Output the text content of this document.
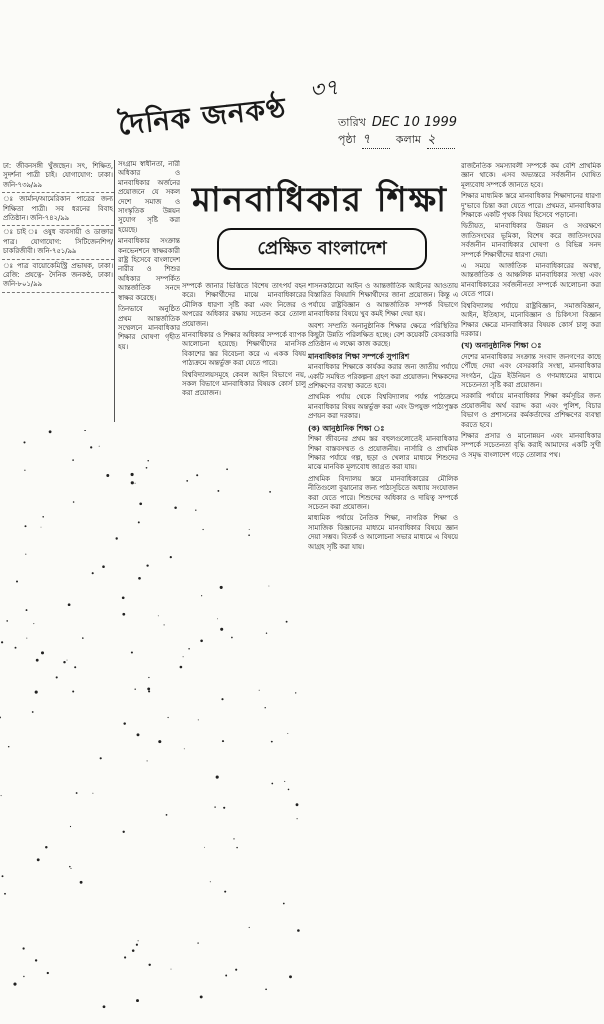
৩৭
দৈনিক জনকণ্ঠ	তারিখ DEC 10 1999
পৃষ্ঠা ৭	কলাম ২
ঢা: জীবনসঙ্গী খুঁজছেন। সৎ, শিক্ষিত, সুদর্শনা পাত্রী চাই। যোগাযোগ: ঢাকা। জনি-৭৩৯/৯৯
ঃ জার্মান/আমেরিকান পাত্রের জন্য শিক্ষিতা পাত্রী। সব ধরনের বিবাহ প্রতিষ্ঠান। জনি-৭৪২/৯৯
ঃ চাই ঃ ওষুধ ব্যবসায়ী ও ডাক্তার পাত্র। যোগাযোগ: সিটিজেনশিপ/চাকরিজীবী। জনি-৭৫১/৯৯
ঃ পাত্র বায়োকেমিস্ট্রি প্রভাষক, ঢাকা। রেজি: প্রযত্নে- দৈনিক জনকণ্ঠ, ঢাকা। জনি-৮০১/৯৯

সংগ্রাম স্বাধীনতা, নারী অধিকার ও মানবাধিকার অর্জনের প্রয়োজনে যে সকল দেশে সমাজ ও সাংস্কৃতিক উন্নয়ন সুযোগ সৃষ্টি করা হয়েছে।

মানবাধিকার সংক্রান্ত কনভেনশনে স্বাক্ষরকারী রাষ্ট্র হিসেবে বাংলাদেশ নারীর ও শিশুর অধিকার সম্পর্কিত আন্তর্জাতিক সনদে স্বাক্ষর করেছে।

তিনভাবে অনুষ্ঠিত প্রথম আন্তর্জাতিক সম্মেলনে মানবাধিকার শিক্ষার ঘোষণা গৃহীত হয়।

মানবাধিকার শিক্ষা
প্রেক্ষিত বাংলাদেশ

সম্পর্কে জানার ভিত্তিতে বিশেষ তাৎপর্য বহন করে। শিক্ষার্থীদের মাঝে মানবাধিকারের মৌলিক ধারণা সৃষ্টি করা এবং নিজের ও অপরের অধিকার রক্ষায় সচেতন করে তোলা প্রয়োজন।

মানবাধিকার ও শিক্ষার অধিকার সম্পর্কে ব্যাপক আলোচনা হয়েছে। শিক্ষার্থীদের মানসিক বিকাশের স্তর বিবেচনা করে এ একক বিষয় পাঠ্যক্রমে অন্তর্ভুক্ত করা যেতে পারে।

বিশ্ববিদ্যালয়সমূহে কেবল আইন বিভাগে নয়, সকল বিভাগে মানবাধিকার বিষয়ক কোর্স চালু করা প্রয়োজন।

শাসনকাঠামো আইন ও আন্তর্জাতিক আইনের আওতায় বিস্তারিত বিষয়াদি শিক্ষার্থীদের জানা প্রয়োজন। কিন্তু এ পর্যায়ে রাষ্ট্রবিজ্ঞান ও আন্তর্জাতিক সম্পর্ক বিভাগে মানবাধিকার বিষয়ে খুব কমই শিক্ষা দেয়া হয়।

অবশ্য সম্প্রতি অনানুষ্ঠানিক শিক্ষার ক্ষেত্রে পরিস্থিতির কিছুটা উন্নতি পরিলক্ষিত হচ্ছে। বেশ কয়েকটি বেসরকারি প্রতিষ্ঠান এ লক্ষ্যে কাজ করছে।

মানবাধিকার শিক্ষা সম্পর্কে সুপারিশ

মানবাধিকার শিক্ষাকে কার্যকর করার জন্য জাতীয় পর্যায়ে একটি সমন্বিত পরিকল্পনা গ্রহণ করা প্রয়োজন। শিক্ষকদের প্রশিক্ষণের ব্যবস্থা করতে হবে।

প্রাথমিক পর্যায় থেকে বিশ্ববিদ্যালয় পর্যন্ত পাঠ্যক্রমে মানবাধিকার বিষয় অন্তর্ভুক্ত করা এবং উপযুক্ত পাঠ্যপুস্তক প্রণয়ন করা দরকার।

(ক) আনুষ্ঠানিক শিক্ষা ঃ

শিক্ষা জীবনের প্রথম স্তর বহুলগুলোতেই মানবাধিকার শিক্ষা বাস্তবসম্মত ও প্রয়োজনীয়। নার্সারি ও প্রাথমিক শিক্ষার পর্যায়ে গল্প, ছড়া ও খেলার মাধ্যমে শিশুদের মাঝে মানবিক মূল্যবোধ জাগ্রত করা যায়।

প্রাথমিক বিদ্যালয় স্তরে মানবাধিকারের মৌলিক নীতিগুলো বুঝানোর জন্য পাঠ্যসূচিতে অধ্যায় সংযোজন করা যেতে পারে। শিশুদের অধিকার ও দায়িত্ব সম্পর্কে সচেতন করা প্রয়োজন।

মাধ্যমিক পর্যায়ে নৈতিক শিক্ষা, নাগরিক শিক্ষা ও সামাজিক বিজ্ঞানের মাধ্যমে মানবাধিকার বিষয়ে জ্ঞান দেয়া সম্ভব। বিতর্ক ও আলোচনা সভার মাধ্যমে এ বিষয়ে আগ্রহ সৃষ্টি করা যায়।

রাজনৈতিক সমস্যাবলী সম্পর্কে কম বেশি প্রাথমিক জ্ঞান থাকে। এসব অভ্যন্তরে সর্বজনীন ঘোষিত মূল্যবোধ সম্পর্কে জানতে হবে।

শিক্ষার মাধ্যমিক স্তরে মানবাধিকার শিক্ষাদানের ধারণা দু'ভাবে চিন্তা করা যেতে পারে। প্রথমত, মানবাধিকার শিক্ষাকে একটি পৃথক বিষয় হিসেবে পড়ানো।

দ্বিতীয়ত, মানবাধিকার উন্নয়ন ও সংরক্ষণে জাতিসংঘের ভূমিকা, বিশেষ করে জাতিসংঘের সর্বজনীন মানবাধিকার ঘোষণা ও বিভিন্ন সনদ সম্পর্কে শিক্ষার্থীদের ধারণা দেয়া।

এ সময়ে আর্জাতিক মানবাধিকারের অবস্থা, আন্তর্জাতিক ও আঞ্চলিক মানবাধিকার সংস্থা এবং মানবাধিকারের সর্বজনীনতা সম্পর্কে আলোচনা করা যেতে পারে।

বিশ্ববিদ্যালয় পর্যায়ে রাষ্ট্রবিজ্ঞান, সমাজবিজ্ঞান, আইন, ইতিহাস, মনোবিজ্ঞান ও চিকিৎসা বিজ্ঞান শিক্ষার ক্ষেত্রে মানবাধিকার বিষয়ক কোর্স চালু করা দরকার।

(খ) অনানুষ্ঠানিক শিক্ষা ঃ

দেশের মানবাধিকার সংক্রান্ত সংবাদ জনগণের কাছে পৌঁছে দেয়া এবং বেসরকারি সংস্থা, মানবাধিকার সংগঠন, ট্রেড ইউনিয়ন ও গণমাধ্যমের মাধ্যমে সচেতনতা সৃষ্টি করা প্রয়োজন।

সরকারি পর্যায়ে মানবাধিকার শিক্ষা কর্মসূচির জন্য প্রয়োজনীয় অর্থ বরাদ্দ করা এবং পুলিশ, বিচার বিভাগ ও প্রশাসনের কর্মকর্তাদের প্রশিক্ষণের ব্যবস্থা করতে হবে।

শিক্ষার প্রসার ও মানোন্নয়ন এবং মানবাধিকার সম্পর্কে সচেতনতা বৃদ্ধি করাই আমাদের একটি সুখী ও সমৃদ্ধ বাংলাদেশ গড়ে তোলার পথ।
